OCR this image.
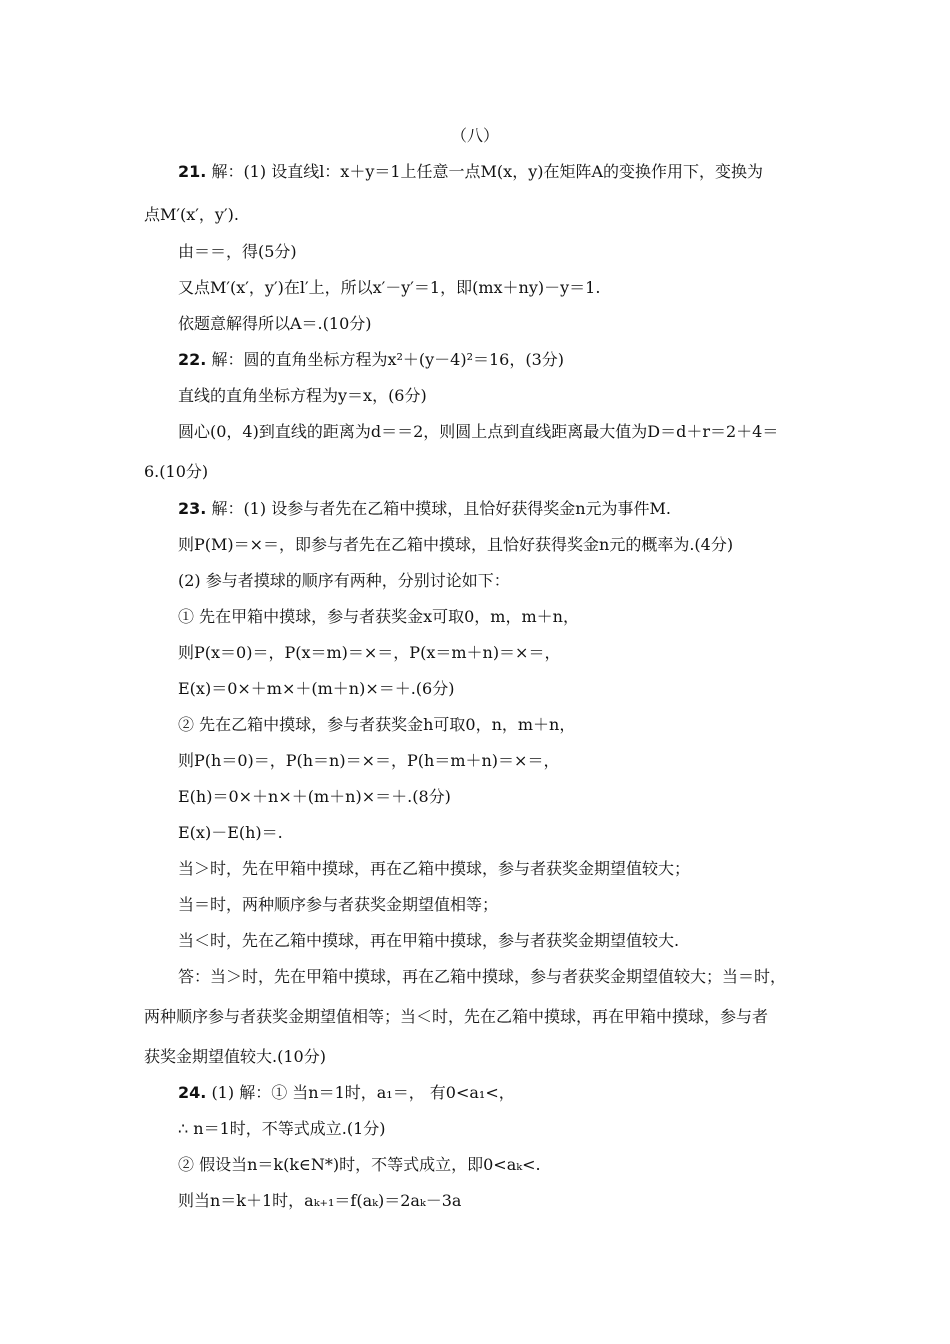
（八）
21. 解：(1) 设直线l：x＋y＝1上任意一点M(x，y)在矩阵A的变换作用下，变换为
点M′(x′，y′).
由＝＝，得(5分)
又点M′(x′，y′)在l′上，所以x′－y′＝1，即(mx＋ny)－y＝1.
依题意解得所以A＝.(10分)
22. 解：圆的直角坐标方程为x²＋(y－4)²＝16，(3分)
直线的直角坐标方程为y＝x，(6分)
圆心(0，4)到直线的距离为d＝＝2，则圆上点到直线距离最大值为D＝d＋r＝2＋4＝
6.(10分)
23. 解：(1) 设参与者先在乙箱中摸球，且恰好获得奖金n元为事件M.
则P(M)＝×＝，即参与者先在乙箱中摸球，且恰好获得奖金n元的概率为.(4分)
(2) 参与者摸球的顺序有两种，分别讨论如下：
① 先在甲箱中摸球，参与者获奖金x可取0，m，m＋n，
则P(x＝0)＝，P(x＝m)＝×＝，P(x＝m＋n)＝×＝，
E(x)＝0×＋m×＋(m＋n)×＝＋.(6分)
② 先在乙箱中摸球，参与者获奖金h可取0，n，m＋n，
则P(h＝0)＝，P(h＝n)＝×＝，P(h＝m＋n)＝×＝，
E(h)＝0×＋n×＋(m＋n)×＝＋.(8分)
E(x)－E(h)＝.
当＞时，先在甲箱中摸球，再在乙箱中摸球，参与者获奖金期望值较大；
当＝时，两种顺序参与者获奖金期望值相等；
当＜时，先在乙箱中摸球，再在甲箱中摸球，参与者获奖金期望值较大.
答：当＞时，先在甲箱中摸球，再在乙箱中摸球，参与者获奖金期望值较大；当＝时，
两种顺序参与者获奖金期望值相等；当＜时，先在乙箱中摸球，再在甲箱中摸球，参与者
获奖金期望值较大.(10分)
24. (1) 解：① 当n＝1时，a₁＝， 有0<a₁<，
∴ n＝1时，不等式成立.(1分)
② 假设当n＝k(k∈N*)时，不等式成立，即0<aₖ<.
则当n＝k＋1时，aₖ₊₁＝f(aₖ)＝2aₖ－3a
